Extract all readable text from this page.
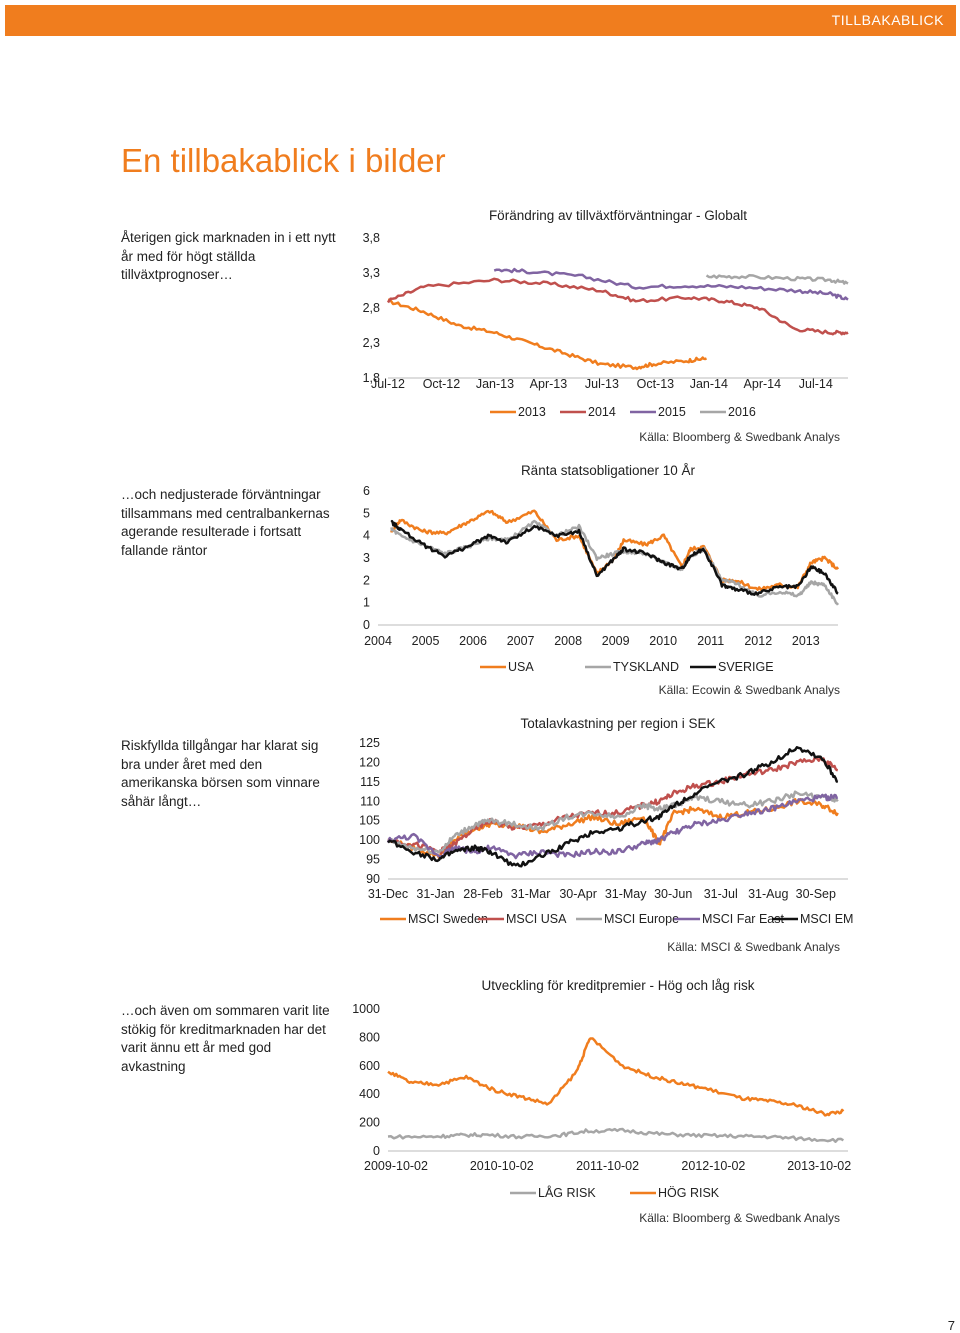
TILLBAKABLICK
En tillbakablick i bilder
Återigen gick marknaden in i ett nytt år med för högt ställda tillväxtprognoser…
…och nedjusterade förväntningar tillsammans med centralbankernas agerande resulterade i fortsatt fallande räntor
Riskfyllda tillgångar har klarat sig bra under året med den amerikanska börsen som vinnare såhär långt…
…och även om sommaren varit lite stökig för kreditmarknaden har det varit ännu ett år med god avkastning
Förändring av tillväxtförväntningar - Globalt
1,8
2,3
2,8
3,3
3,8
Jul-12 Oct-12 Jan-13 Apr-13 Jul-13 Oct-13 Jan-14 Apr-14 Jul-14
2013	2014	2015	2016
Källa: Bloomberg & Swedbank Analys
Ränta statsobligationer 10 År
0
1
2
3
4
5
6
2004 2005 2006 2007 2008 2009 2010 2011 2012 2013
USA	TYSKLAND	SVERIGE
Källa: Ecowin & Swedbank Analys
Totalavkastning per region i SEK
90
95
100
105
110
115
120
125
31-Dec 31-Jan 28-Feb 31-Mar 30-Apr 31-May 30-Jun 31-Jul 31-Aug 30-Sep
MSCI Sweden MSCI USA	MSCI Europe MSCI Far East MSCI EM
Källa: MSCI & Swedbank Analys
Utveckling för kreditpremier - Hög och låg risk
0
200
400
600
800
1000
2009-10-02	2010-10-02	2011-10-02	2012-10-02	2013-10-02
LÅG RISK	HÖG RISK
Källa: Bloomberg & Swedbank Analys
7
